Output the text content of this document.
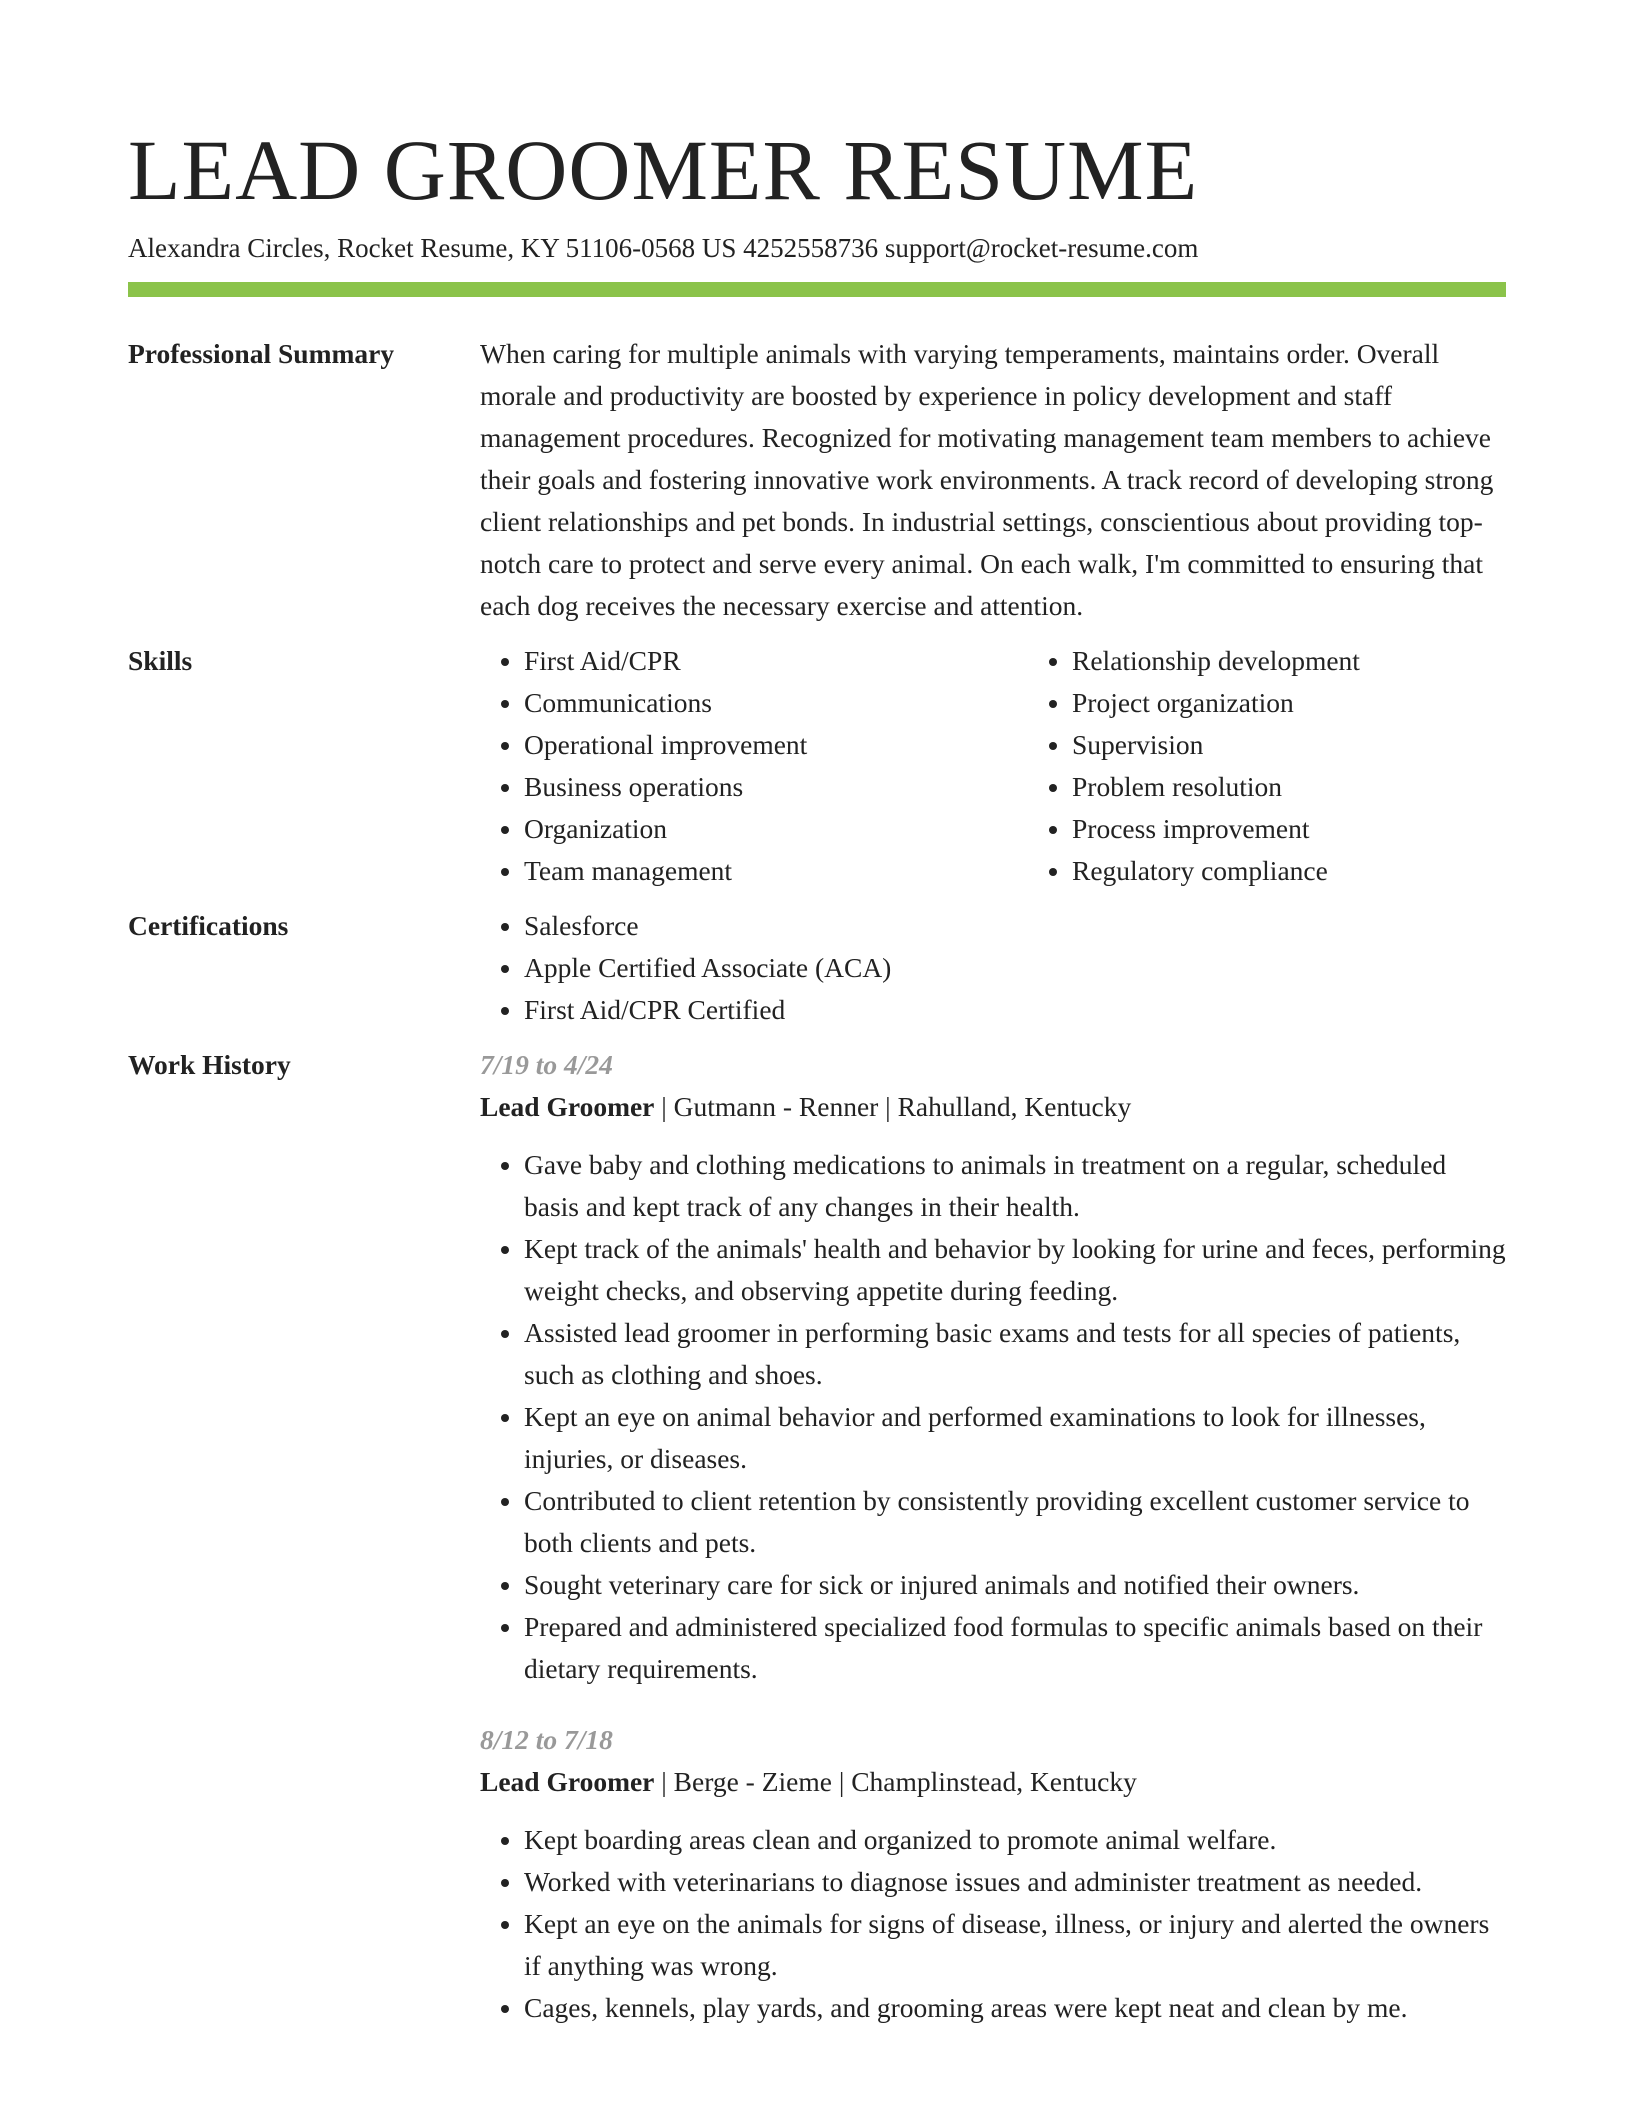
LEAD GROOMER RESUME
Alexandra Circles, Rocket Resume, KY 51106-0568 US 4252558736 support@rocket-resume.com
Professional Summary	When caring for multiple animals with varying temperaments, maintains order. Overall morale and productivity are boosted by experience in policy development and staff management procedures. Recognized for motivating management team members to achieve their goals and fostering innovative work environments. A track record of developing strong client relationships and pet bonds. In industrial settings, conscientious about providing top-notch care to protect and serve every animal. On each walk, I'm committed to ensuring that each dog receives the necessary exercise and attention.

Skills	• First Aid/CPR
• Communications
• Operational improvement
• Business operations
• Organization
• Team management
• Relationship development
• Project organization
• Supervision
• Problem resolution
• Process improvement
• Regulatory compliance
Certifications	• Salesforce
• Apple Certified Associate (ACA)
• First Aid/CPR Certified
Work History	7/19 to 4/24
Lead Groomer | Gutmann - Renner | Rahulland, Kentucky
• Gave baby and clothing medications to animals in treatment on a regular, scheduled basis and kept track of any changes in their health.
• Kept track of the animals' health and behavior by looking for urine and feces, performing weight checks, and observing appetite during feeding.
• Assisted lead groomer in performing basic exams and tests for all species of patients, such as clothing and shoes.
• Kept an eye on animal behavior and performed examinations to look for illnesses, injuries, or diseases.
• Contributed to client retention by consistently providing excellent customer service to both clients and pets.
• Sought veterinary care for sick or injured animals and notified their owners.
• Prepared and administered specialized food formulas to specific animals based on their dietary requirements.
8/12 to 7/18
Lead Groomer | Berge - Zieme | Champlinstead, Kentucky
• Kept boarding areas clean and organized to promote animal welfare.
• Worked with veterinarians to diagnose issues and administer treatment as needed.
• Kept an eye on the animals for signs of disease, illness, or injury and alerted the owners if anything was wrong.
• Cages, kennels, play yards, and grooming areas were kept neat and clean by me.
